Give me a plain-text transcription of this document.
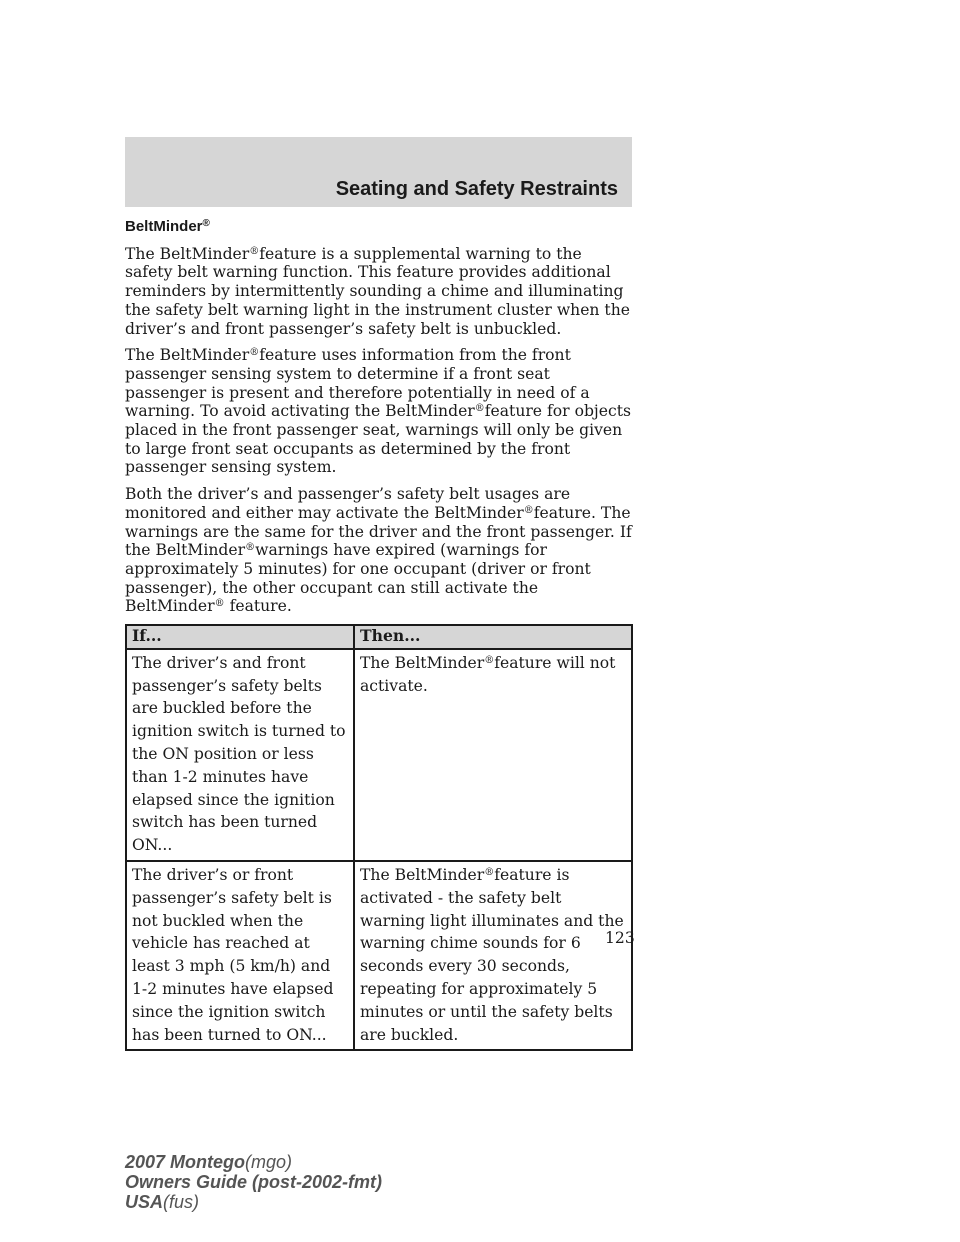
Seating and Safety Restraints
BeltMinder®

The BeltMinder®feature is a supplemental warning to the safety belt warning function. This feature provides additional reminders by intermittently sounding a chime and illuminating the safety belt warning light in the instrument cluster when the driver’s and front passenger’s safety belt is unbuckled.

The BeltMinder®feature uses information from the front passenger sensing system to determine if a front seat passenger is present and therefore potentially in need of a warning. To avoid activating the BeltMinder®feature for objects placed in the front passenger seat, warnings will only be given to large front seat occupants as determined by the front passenger sensing system.

Both the driver’s and passenger’s safety belt usages are monitored and either may activate the BeltMinder®feature. The warnings are the same for the driver and the front passenger. If the BeltMinder®warnings have expired (warnings for approximately 5 minutes) for one occupant (driver or front passenger), the other occupant can still activate the BeltMinder® feature.

If...	Then...
The driver’s and front passenger’s safety belts are buckled before the ignition switch is turned to the ON position or less than 1-2 minutes have elapsed since the ignition switch has been turned ON...	The BeltMinder®feature will not activate.
The driver’s or front passenger’s safety belt is not buckled when the vehicle has reached at least 3 mph (5 km/h) and 1-2 minutes have elapsed since the ignition switch has been turned to ON...	The BeltMinder®feature is activated - the safety belt warning light illuminates and the warning chime sounds for 6 seconds every 30 seconds, repeating for approximately 5 minutes or until the safety belts are buckled.
123
2007 Montego(mgo)
Owners Guide (post-2002-fmt)
USA(fus)
